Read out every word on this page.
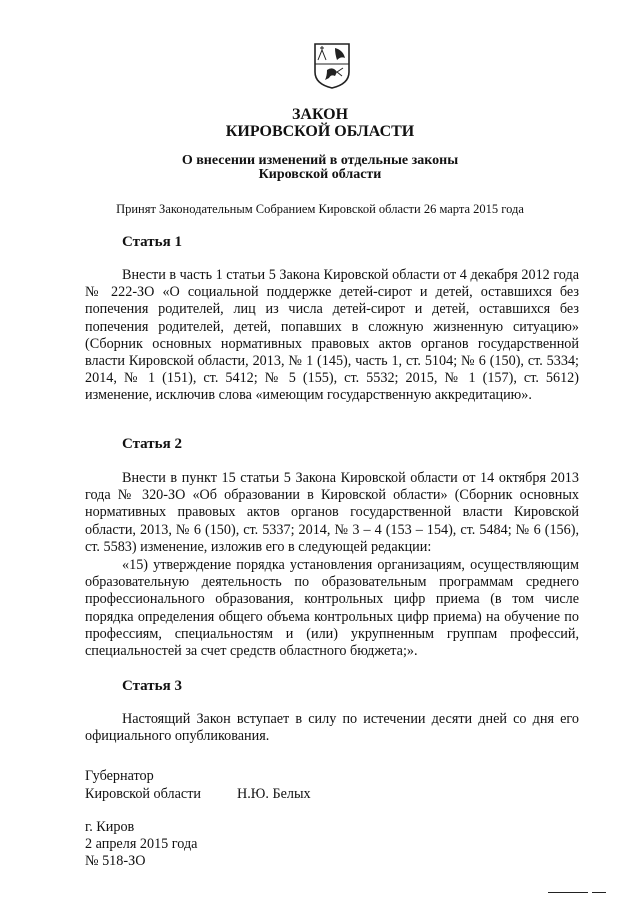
ЗАКОН
КИРОВСКОЙ ОБЛАСТИ
О внесении изменений в отдельные законы
Кировской области
Принят Законодательным Собранием Кировской области 26 марта 2015 года
Статья 1

Внести в часть 1 статьи 5 Закона Кировской области от 4 декабря 2012 года № 222-ЗО «О социальной поддержке детей-сирот и детей, оставшихся без попечения родителей, лиц из числа детей-сирот и детей, оставшихся без попечения родителей, детей, попавших в сложную жизненную ситуацию» (Сборник основных нормативных правовых актов органов государственной власти Кировской области, 2013, № 1 (145), часть 1, ст. 5104; № 6 (150), ст. 5334; 2014, № 1 (151), ст. 5412; № 5 (155), ст. 5532; 2015, № 1 (157), ст. 5612) изменение, исключив слова «имеющим государственную аккредитацию».

Статья 2

Внести в пункт 15 статьи 5 Закона Кировской области от 14 октября 2013 года № 320-ЗО «Об образовании в Кировской области» (Сборник основных нормативных правовых актов органов государственной власти Кировской области, 2013, № 6 (150), ст. 5337; 2014, № 3 – 4 (153 – 154), ст. 5484; № 6 (156), ст. 5583) изменение, изложив его в следующей редакции:

«15) утверждение порядка установления организациям, осуществляющим образовательную деятельность по образовательным программам среднего профессионального образования, контрольных цифр приема (в том числе порядка определения общего объема контрольных цифр приема) на обучение по профессиям, специальностям и (или) укрупненным группам профессий, специальностей за счет средств областного бюджета;».

Статья 3

Настоящий Закон вступает в силу по истечении десяти дней со дня его официального опубликования.

Губернатор
Кировской области	Н.Ю. Белых
г. Киров
2 апреля 2015 года
№ 518-ЗО
